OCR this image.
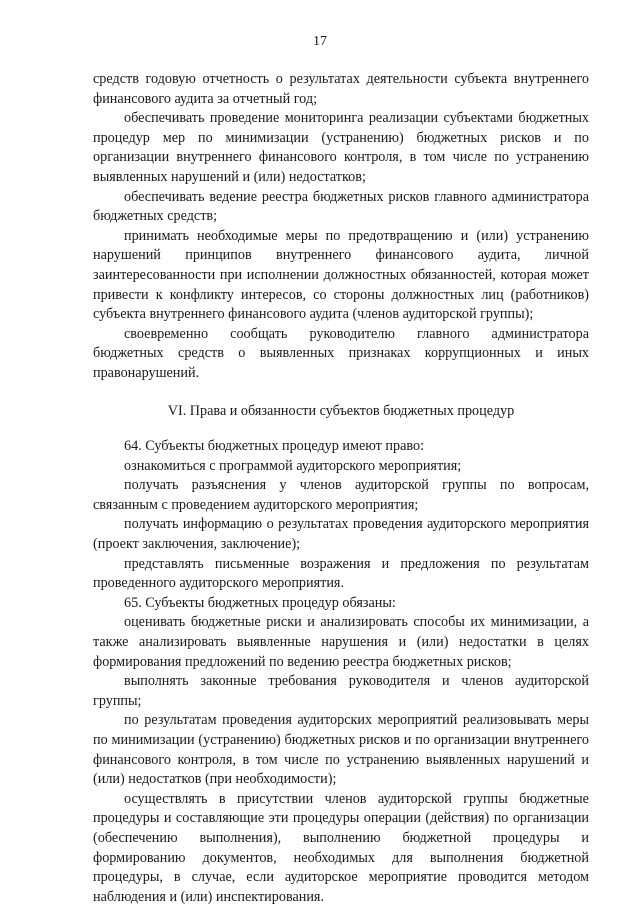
17

средств годовую отчетность о результатах деятельности субъекта внутреннего финансового аудита за отчетный год;

обеспечивать проведение мониторинга реализации субъектами бюджетных процедур мер по минимизации (устранению) бюджетных рисков и по организации внутреннего финансового контроля, в том числе по устранению выявленных нарушений и (или) недостатков;

обеспечивать ведение реестра бюджетных рисков главного администратора бюджетных средств;

принимать необходимые меры по предотвращению и (или) устранению нарушений принципов внутреннего финансового аудита, личной заинтересованности при исполнении должностных обязанностей, которая может привести к конфликту интересов, со стороны должностных лиц (работников) субъекта внутреннего финансового аудита (членов аудиторской группы);

своевременно сообщать руководителю главного администратора бюджетных средств о выявленных признаках коррупционных и иных правонарушений.

VI. Права и обязанности субъектов бюджетных процедур

64. Субъекты бюджетных процедур имеют право:

ознакомиться с программой аудиторского мероприятия;

получать разъяснения у членов аудиторской группы по вопросам, связанным с проведением аудиторского мероприятия;

получать информацию о результатах проведения аудиторского мероприятия (проект заключения, заключение);

представлять письменные возражения и предложения по результатам проведенного аудиторского мероприятия.

65. Субъекты бюджетных процедур обязаны:

оценивать бюджетные риски и анализировать способы их минимизации, а также анализировать выявленные нарушения и (или) недостатки в целях формирования предложений по ведению реестра бюджетных рисков;

выполнять законные требования руководителя и членов аудиторской группы;

по результатам проведения аудиторских мероприятий реализовывать меры по минимизации (устранению) бюджетных рисков и по организации внутреннего финансового контроля, в том числе по устранению выявленных нарушений и (или) недостатков (при необходимости);

осуществлять в присутствии членов аудиторской группы бюджетные процедуры и составляющие эти процедуры операции (действия) по организации (обеспечению выполнения), выполнению бюджетной процедуры и формированию документов, необходимых для выполнения бюджетной процедуры, в случае, если аудиторское мероприятие проводится методом наблюдения и (или) инспектирования.
